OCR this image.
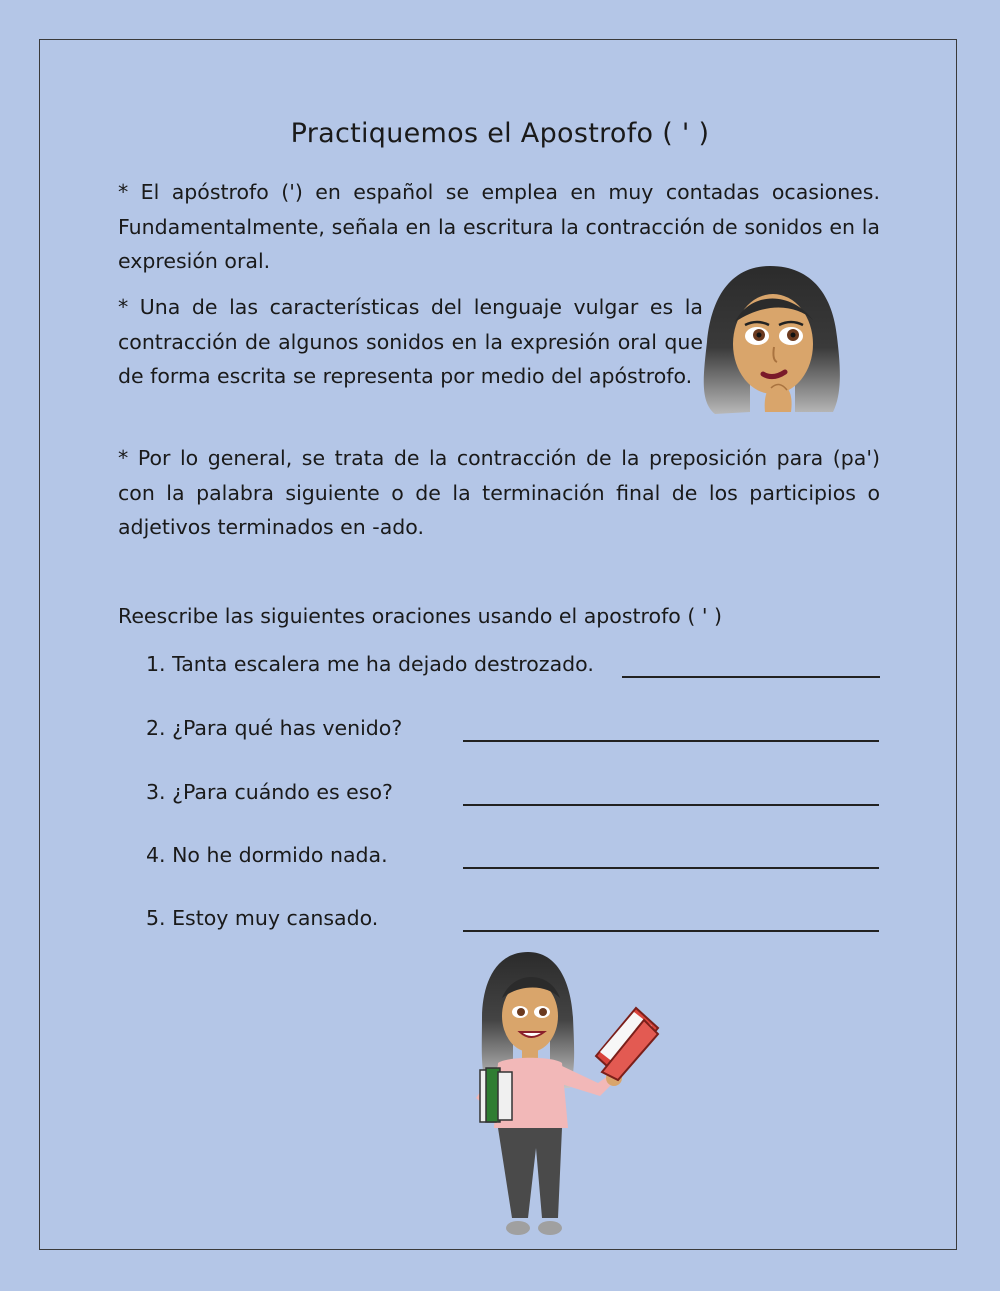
Practiquemos el Apostrofo ( ' )

* El apóstrofo (') en español se emplea en muy contadas ocasiones. Fundamentalmente, señala en la escritura la contracción de sonidos en la expresión oral.

* Una de las características del lenguaje vulgar es la contracción de algunos sonidos en la expresión oral que de forma escrita se representa por medio del apóstrofo.

* Por lo general, se trata de la contracción de la preposición para (pa') con la palabra siguiente o de la terminación final de los participios o adjetivos terminados en -ado.

Reescribe las siguientes oraciones usando el apostrofo ( ' )
1. Tanta escalera me ha dejado destrozado.
2. ¿Para qué has venido?
3. ¿Para cuándo es eso?
4. No he dormido nada.
5. Estoy muy cansado.
